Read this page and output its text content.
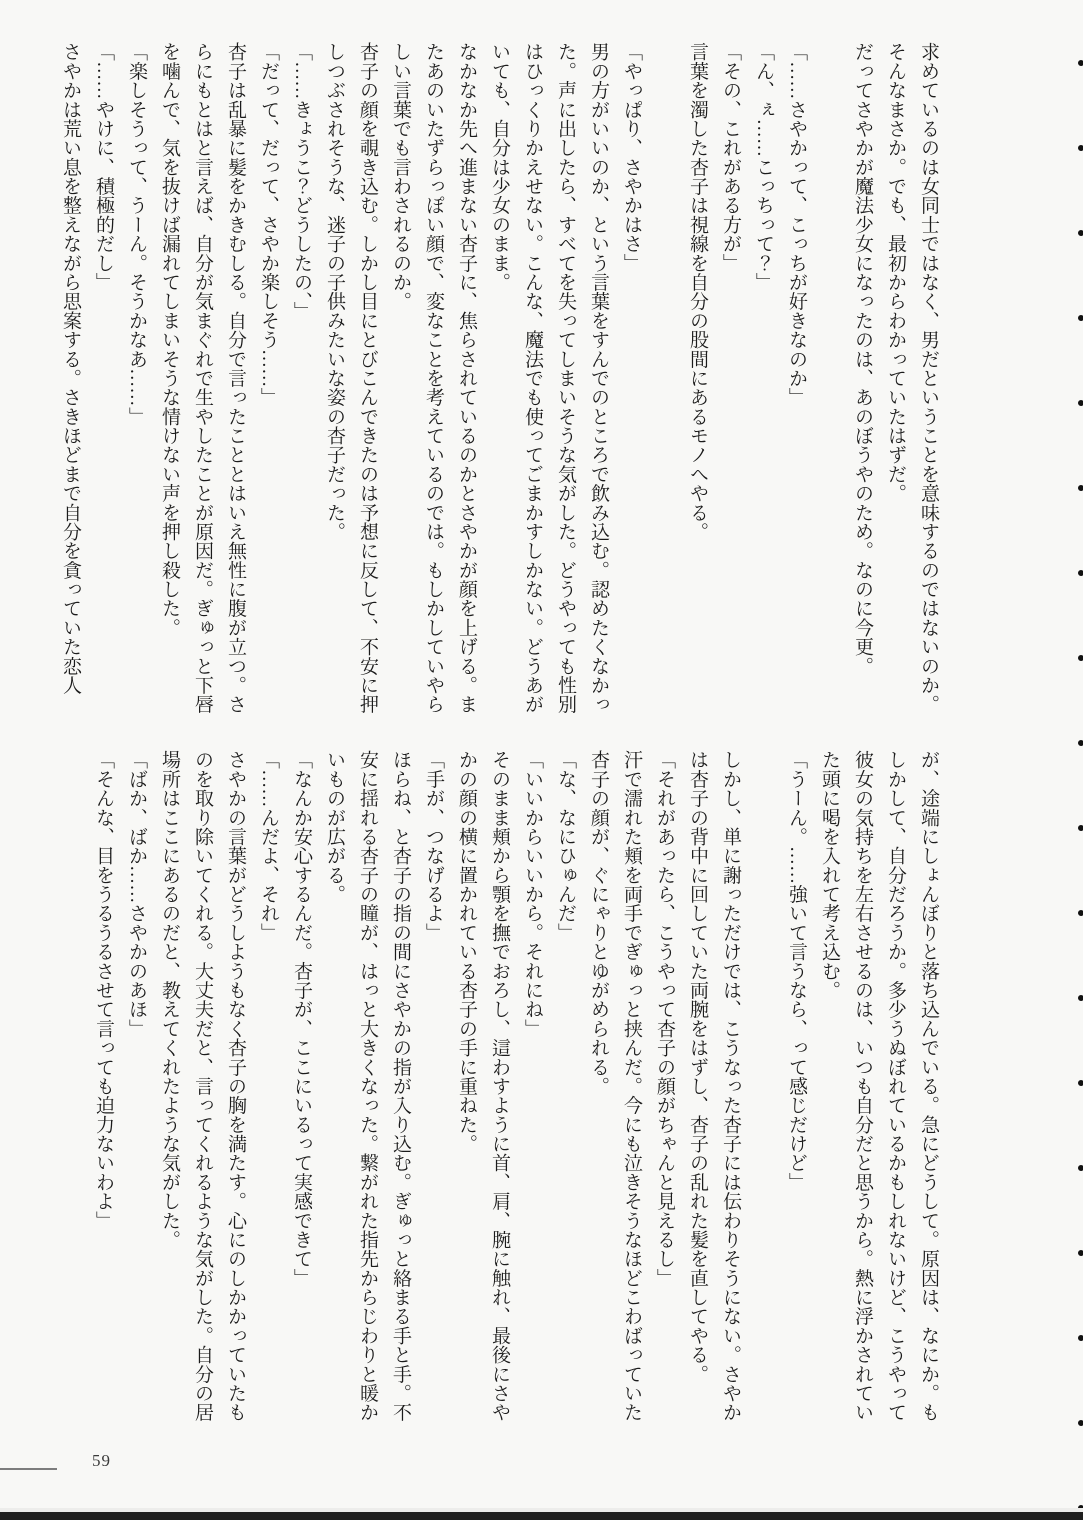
求めているのは女同士ではなく、男だということを意味するのではないのか。

そんなまさか。でも、最初からわかっていたはずだ。

だってさやかが魔法少女になったのは、あのぼうやのため。なのに今更。

「……さやかって、こっちが好きなのか」

「ん、ぇ……こっちって？」

「その、これがある方が」

言葉を濁した杏子は視線を自分の股間にあるモノへやる。

「やっぱり、さやかはさ」

男の方がいいのか、という言葉をすんでのところで飲み込む。認めたくなかった。声に出したら、すべてを失ってしまいそうな気がした。どうやっても性別はひっくりかえせない。こんな、魔法でも使ってごまかすしかない。どうあがいても、自分は少女のまま。

なかなか先へ進まない杏子に、焦らされているのかとさやかが顔を上げる。またあのいたずらっぽい顔で、変なことを考えているのでは。もしかしていやらしい言葉でも言わされるのか。

杏子の顔を覗き込む。しかし目にとびこんできたのは予想に反して、不安に押しつぶされそうな、迷子の子供みたいな姿の杏子だった。

「……きょうこ？どうしたの、」

「だって、だって、さやか楽しそう……」

杏子は乱暴に髪をかきむしる。自分で言ったこととはいえ無性に腹が立つ。さらにもとはと言えば、自分が気まぐれで生やしたことが原因だ。ぎゅっと下唇を噛んで、気を抜けば漏れてしまいそうな情けない声を押し殺した。

「楽しそうって、うーん。そうかなあ……」

「……やけに、積極的だし」

さやかは荒い息を整えながら思案する。さきほどまで自分を貪っていた恋人

が、途端にしょんぼりと落ち込んでいる。急にどうして。原因は、なにか。もしかして、自分だろうか。多少うぬぼれているかもしれないけど、こうやって彼女の気持ちを左右させるのは、いつも自分だと思うから。熱に浮かされていた頭に喝を入れて考え込む。

「うーん。……強いて言うなら、って感じだけど」

しかし、単に謝っただけでは、こうなった杏子には伝わりそうにない。さやかは杏子の背中に回していた両腕をはずし、杏子の乱れた髪を直してやる。

「それがあったら、こうやって杏子の顔がちゃんと見えるし」

汗で濡れた頬を両手でぎゅっと挟んだ。今にも泣きそうなほどこわばっていた杏子の顔が、ぐにゃりとゆがめられる。

「な、なにひゅんだ」

「いいからいいから。それにね」

そのまま頬から顎を撫でおろし、這わすように首、肩、腕に触れ、最後にさやかの顔の横に置かれている杏子の手に重ねた。

「手が、つなげるよ」

ほらね、と杏子の指の間にさやかの指が入り込む。ぎゅっと絡まる手と手。不安に揺れる杏子の瞳が、はっと大きくなった。繋がれた指先からじわりと暖かいものが広がる。

「なんか安心するんだ。杏子が、ここにいるって実感できて」

「……んだよ、それ」

さやかの言葉がどうしようもなく杏子の胸を満たす。心にのしかかっていたものを取り除いてくれる。大丈夫だと、言ってくれるような気がした。自分の居場所はここにあるのだと、教えてくれたような気がした。

「ばか、ばか……さやかのあほ」

「そんな、目をうるうるさせて言っても迫力ないわよ」

59
